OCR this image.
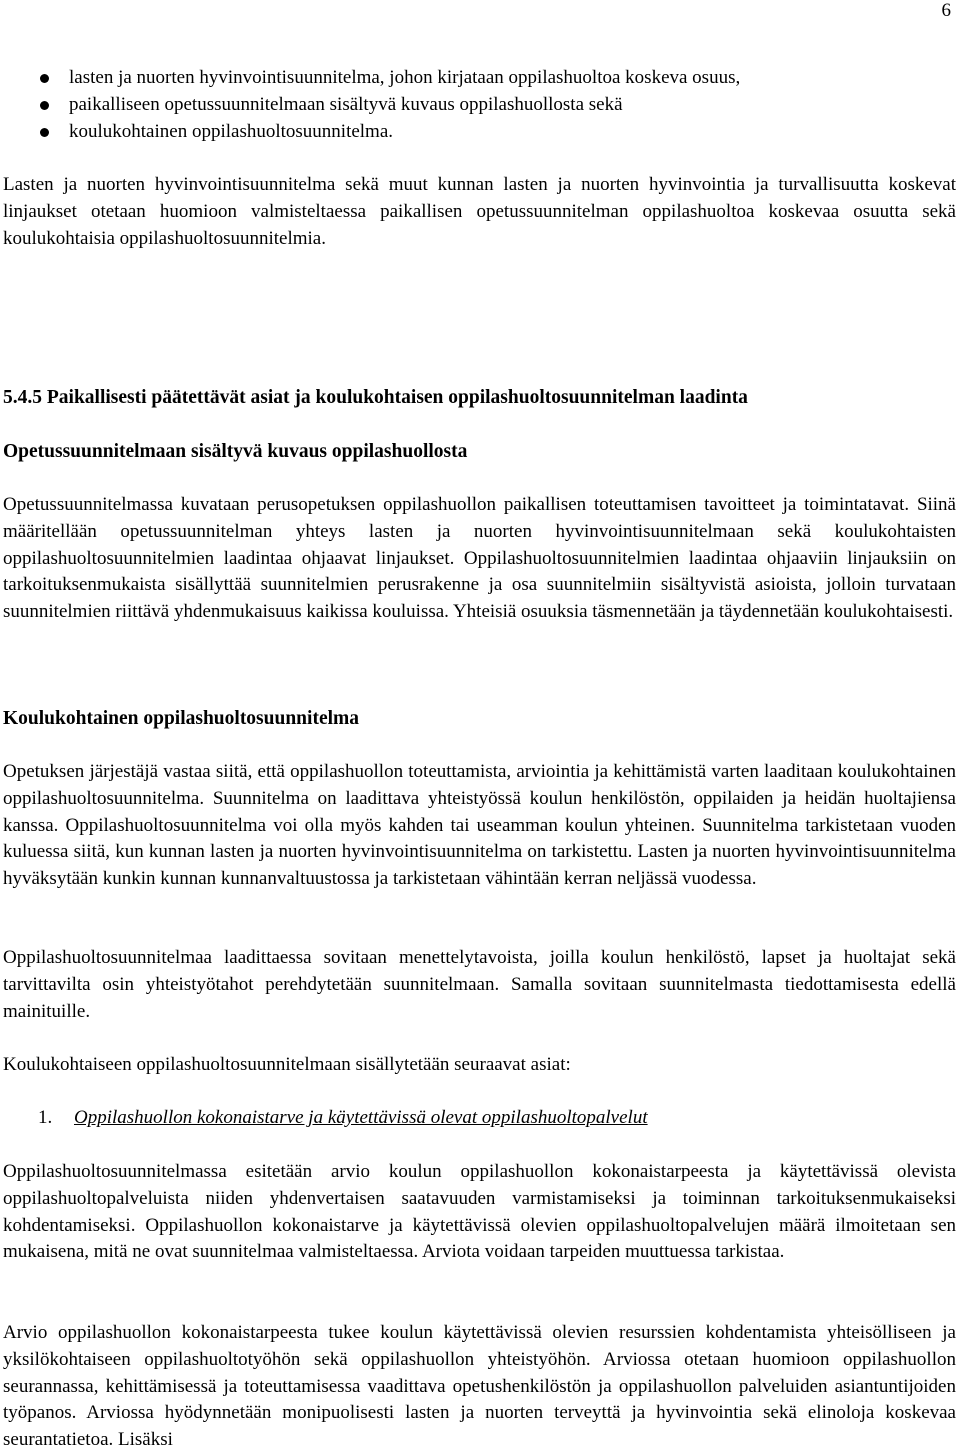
6
lasten ja nuorten hyvinvointisuunnitelma, johon kirjataan oppilashuoltoa koskeva osuus,
paikalliseen opetussuunnitelmaan sisältyvä kuvaus oppilashuollosta sekä
koulukohtainen oppilashuoltosuunnitelma.

Lasten ja nuorten hyvinvointisuunnitelma sekä muut kunnan lasten ja nuorten hyvinvointia ja turvallisuutta koskevat linjaukset otetaan huomioon valmisteltaessa paikallisen opetussuunnitelman oppilashuoltoa koskevaa osuutta sekä koulukohtaisia oppilashuoltosuunnitelmia.

5.4.5 Paikallisesti päätettävät asiat ja koulukohtaisen oppilashuoltosuunnitelman laadinta
Opetussuunnitelmaan sisältyvä kuvaus oppilashuollosta

Opetussuunnitelmassa kuvataan perusopetuksen oppilashuollon paikallisen toteuttamisen tavoitteet ja toimintatavat. Siinä määritellään opetussuunnitelman yhteys lasten ja nuorten hyvinvointisuunnitelmaan sekä koulukohtaisten oppilashuoltosuunnitelmien laadintaa ohjaavat linjaukset. Oppilashuoltosuunnitelmien laadintaa ohjaaviin linjauksiin on tarkoituksenmukaista sisällyttää suunnitelmien perusrakenne ja osa suunnitelmiin sisältyvistä asioista, jolloin turvataan suunnitelmien riittävä yhdenmukaisuus kaikissa kouluissa. Yhteisiä osuuksia täsmennetään ja täydennetään koulukohtaisesti.

Koulukohtainen oppilashuoltosuunnitelma

Opetuksen järjestäjä vastaa siitä, että oppilashuollon toteuttamista, arviointia ja kehittämistä varten laaditaan koulukohtainen oppilashuoltosuunnitelma. Suunnitelma on laadittava yhteistyössä koulun henkilöstön, oppilaiden ja heidän huoltajiensa kanssa. Oppilashuoltosuunnitelma voi olla myös kahden tai useamman koulun yhteinen. Suunnitelma tarkistetaan vuoden kuluessa siitä, kun kunnan lasten ja nuorten hyvinvointisuunnitelma on tarkistettu. Lasten ja nuorten hyvinvointisuunnitelma hyväksytään kunkin kunnan kunnanvaltuustossa ja tarkistetaan vähintään kerran neljässä vuodessa.

Oppilashuoltosuunnitelmaa laadittaessa sovitaan menettelytavoista, joilla koulun henkilöstö, lapset ja huoltajat sekä tarvittavilta osin yhteistyötahot perehdytetään suunnitelmaan. Samalla sovitaan suunnitelmasta tiedottamisesta edellä mainituille.

Koulukohtaiseen oppilashuoltosuunnitelmaan sisällytetään seuraavat asiat:

1. Oppilashuollon kokonaistarve ja käytettävissä olevat oppilashuoltopalvelut

Oppilashuoltosuunnitelmassa esitetään arvio koulun oppilashuollon kokonaistarpeesta ja käytettävissä olevista oppilashuoltopalveluista niiden yhdenvertaisen saatavuuden varmistamiseksi ja toiminnan tarkoituksenmukaiseksi kohdentamiseksi. Oppilashuollon kokonaistarve ja käytettävissä olevien oppilashuoltopalvelujen määrä ilmoitetaan sen mukaisena, mitä ne ovat suunnitelmaa valmisteltaessa. Arviota voidaan tarpeiden muuttuessa tarkistaa.

Arvio oppilashuollon kokonaistarpeesta tukee koulun käytettävissä olevien resurssien kohdentamista yhteisölliseen ja yksilökohtaiseen oppilashuoltotyöhön sekä oppilashuollon yhteistyöhön. Arviossa otetaan huomioon oppilashuollon seurannassa, kehittämisessä ja toteuttamisessa vaadittava opetushenkilöstön ja oppilashuollon palveluiden asiantuntijoiden työpanos. Arviossa hyödynnetään monipuolisesti lasten ja nuorten terveyttä ja hyvinvointia sekä elinoloja koskevaa seurantatietoa. Lisäksi
